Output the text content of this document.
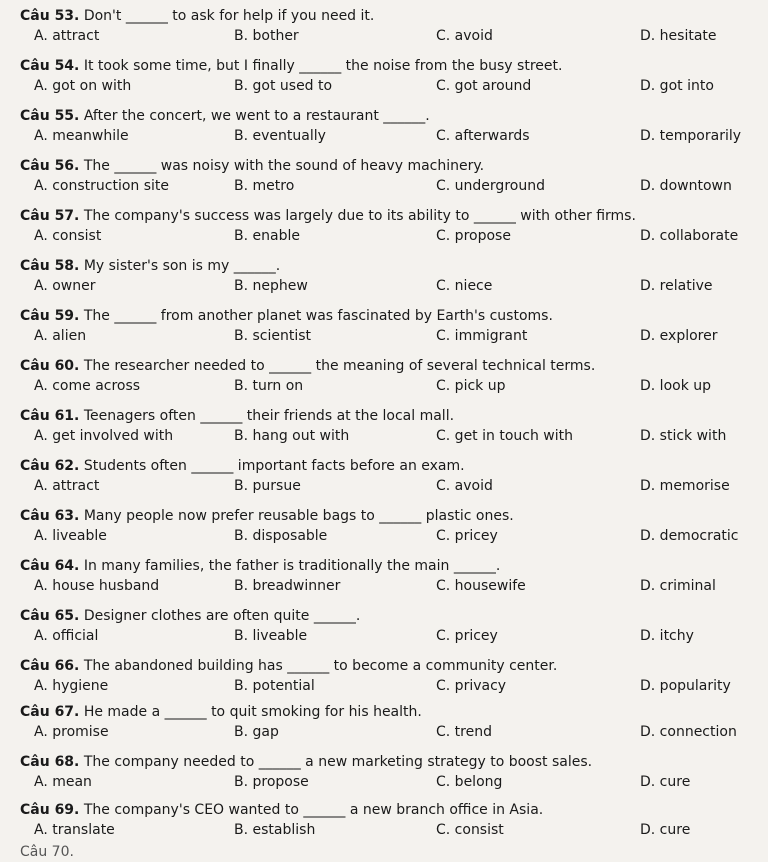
Câu 53. Don't ______ to ask for help if you need it.
A. attract	B. bother	C. avoid	D. hesitate
Câu 54. It took some time, but I finally ______ the noise from the busy street.
A. got on with	B. got used to	C. got around	D. got into
Câu 55. After the concert, we went to a restaurant ______.
A. meanwhile	B. eventually	C. afterwards	D. temporarily
Câu 56. The ______ was noisy with the sound of heavy machinery.
A. construction site	B. metro	C. underground	D. downtown
Câu 57. The company's success was largely due to its ability to ______ with other firms.
A. consist	B. enable	C. propose	D. collaborate
Câu 58. My sister's son is my ______.
A. owner	B. nephew	C. niece	D. relative
Câu 59. The ______ from another planet was fascinated by Earth's customs.
A. alien	B. scientist	C. immigrant	D. explorer
Câu 60. The researcher needed to ______ the meaning of several technical terms.
A. come across	B. turn on	C. pick up	D. look up
Câu 61. Teenagers often ______ their friends at the local mall.
A. get involved with	B. hang out with	C. get in touch with	D. stick with
Câu 62. Students often ______ important facts before an exam.
A. attract	B. pursue	C. avoid	D. memorise
Câu 63. Many people now prefer reusable bags to ______ plastic ones.
A. liveable	B. disposable	C. pricey	D. democratic
Câu 64. In many families, the father is traditionally the main ______.
A. house husband	B. breadwinner	C. housewife	D. criminal
Câu 65. Designer clothes are often quite ______.
A. official	B. liveable	C. pricey	D. itchy
Câu 66. The abandoned building has ______ to become a community center.
A. hygiene	B. potential	C. privacy	D. popularity
Câu 67. He made a ______ to quit smoking for his health.
A. promise	B. gap	C. trend	D. connection
Câu 68. The company needed to ______ a new marketing strategy to boost sales.
A. mean	B. propose	C. belong	D. cure
Câu 69. The company's CEO wanted to ______ a new branch office in Asia.
A. translate	B. establish	C. consist	D. cure
Câu 70.
